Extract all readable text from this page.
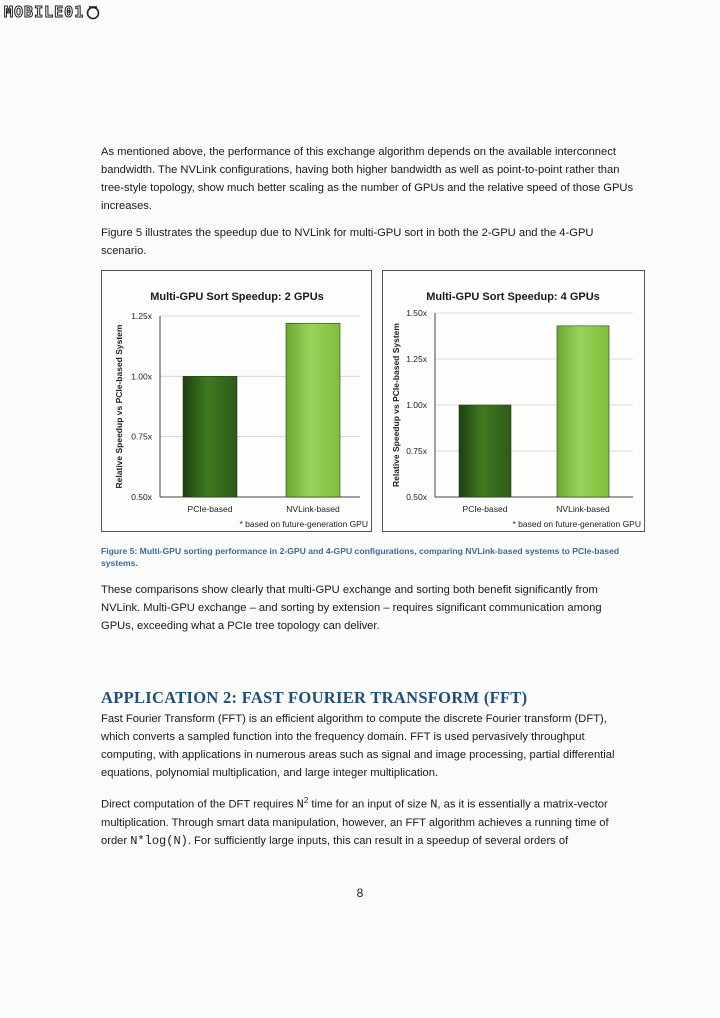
MOBILE01

As mentioned above, the performance of this exchange algorithm depends on the available interconnect bandwidth. The NVLink configurations, having both higher bandwidth as well as point-to-point rather than tree-style topology, show much better scaling as the number of GPUs and the relative speed of those GPUs increases.

Figure 5 illustrates the speedup due to NVLink for multi-GPU sort in both the 2-GPU and the 4-GPU scenario.

Multi-GPU Sort Speedup: 2 GPUs
0.50x
0.75x
1.00x
1.25x
Relative Speedup vs PCIe-based System
PCIe-based	NVLink-based
* based on future-generation GPU
Multi-GPU Sort Speedup: 4 GPUs
0.50x
0.75x
1.00x
1.25x
1.50x
Relative Speedup vs PCIe-based System
PCIe-based	NVLink-based
* based on future-generation GPU
Figure 5: Multi-GPU sorting performance in 2-GPU and 4-GPU configurations, comparing NVLink-based systems to PCIe-based systems.

These comparisons show clearly that multi-GPU exchange and sorting both benefit significantly from NVLink. Multi-GPU exchange – and sorting by extension – requires significant communication among GPUs, exceeding what a PCIe tree topology can deliver.

APPLICATION 2: FAST FOURIER TRANSFORM (FFT)

Fast Fourier Transform (FFT) is an efficient algorithm to compute the discrete Fourier transform (DFT), which converts a sampled function into the frequency domain. FFT is used pervasively throughput computing, with applications in numerous areas such as signal and image processing, partial differential equations, polynomial multiplication, and large integer multiplication.

Direct computation of the DFT requires $N^2$ time for an input of size N, as it is essentially a matrix-vector multiplication. Through smart data manipulation, however, an FFT algorithm achieves a running time of order N*log(N). For sufficiently large inputs, this can result in a speedup of several orders of

8
